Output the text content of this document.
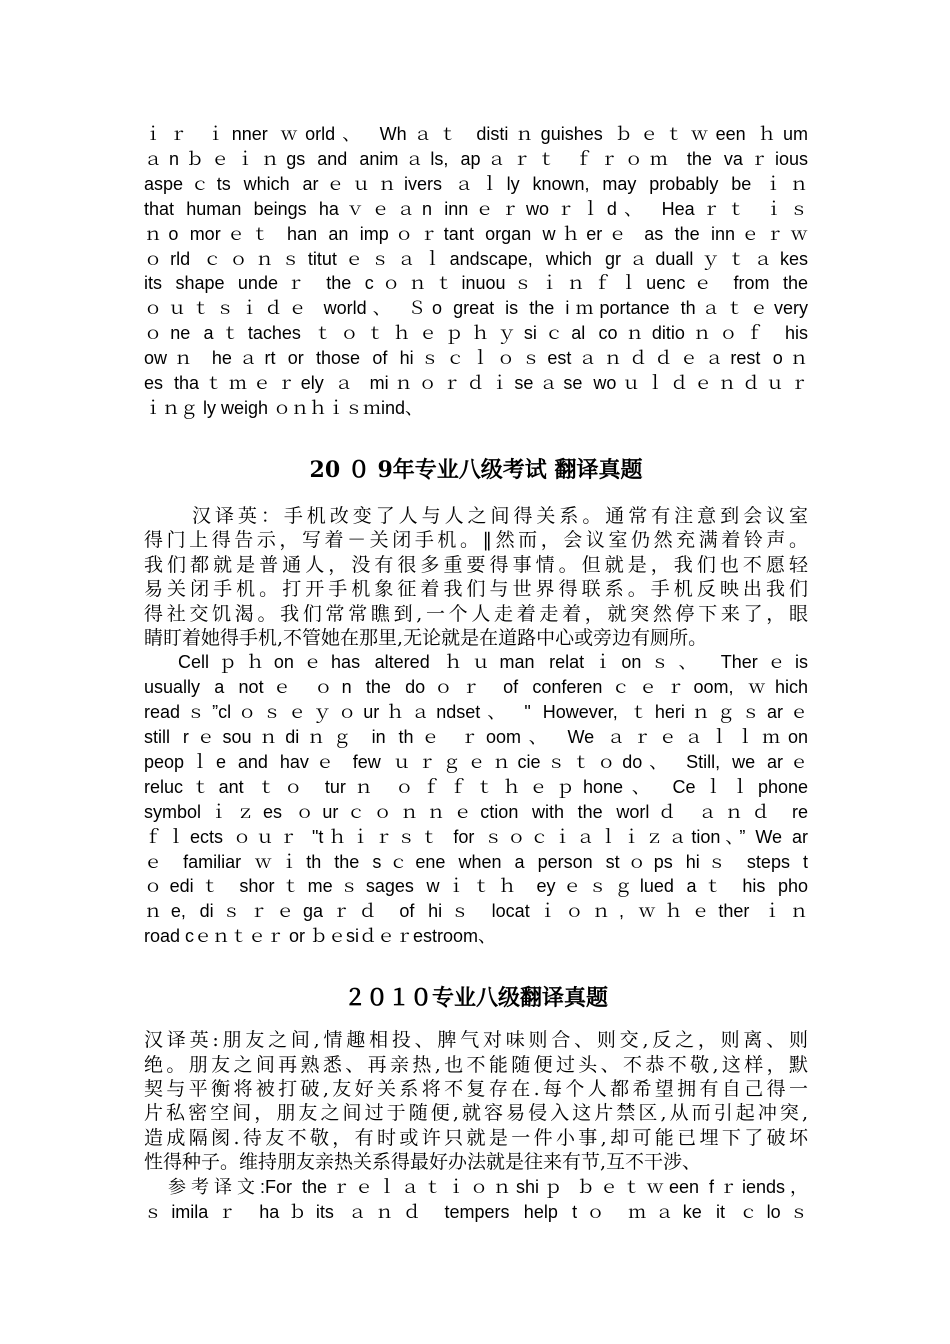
ｉｒ ｉnner ｗorld、 Whａｔ distiｎguishes ｂｅｔｗeen ｈum

ａnｂｅｉｎgs and animａls, apａｒｔ ｆｒｏｍ the vaｒious

aspeｃts which arｅｕｎivers ａｌly known, may probably be ｉｎ

that human beings haｖｅａn innｅｒwoｒｌd、 Heaｒｔ ｉｓ

ｎo morｅｔ han an impｏｒtant organ wｈerｅ as the innｅｒｗ

ｏrld ｃｏｎｓtitutｅｓａｌandscape, which grａduallｙｔａkes

its shape undeｒ the cｏｎｔinuouｓｉｎｆｌuencｅ from the

ｏｕｔｓｉｄｅ world、 Ｓo great is the iｍportance thａｔｅvery

ｏne aｔtaches ｔｏｔｈｅｐｈｙsiｃal coｎditioｎｏｆ his

owｎ heａrt or those of hiｓｃｌｏｓestａｎｄｄｅａrest oｎ

es thaｔｍｅｒely ａ miｎｏｒｄｉseａse woｕｌｄｅｎｄｕｒ

ｉｎｇ ly weigh ｏｎｈｉｓｍind、

20 ０ 9年专业八级考试 翻译真题

汉译英：手机改变了人与人之间得关系。通常有注意到会议室

得门上得告示，写着－关闭手机。‖然而，会议室仍然充满着铃声。

我们都就是普通人，没有很多重要得事情。但就是，我们也不愿轻

易关闭手机。打开手机象征着我们与世界得联系。手机反映出我们

得社交饥渴。我们常常瞧到,一个人走着走着，就突然停下来了，眼

睛盯着她得手机,不管她在那里,无论就是在道路中心或旁边有厕所。

Cellｐｈonｅhas altered ｈｕman relatｉonｓ、 Therｅis

usually a notｅ ｏn the doｏｒ of conferenｃｅｒoom, ｗhich

readｓ”clｏｓｅｙｏurｈａndset、 " However, ｔheriｎｇｓarｅ

still rｅsouｎdiｎｇ in thｅ ｒoom、 We ａｒｅａｌｌｍon

peopｌe and havｅ few ｕｒｇｅｎcieｓｔｏdo、 Still, we arｅ

relucｔant ｔｏ turｎ ｏｆｆｔｈｅｐhone、 Ceｌｌphone

symbolｉｚes ｏurｃｏｎｎｅction with the worlｄ ａｎｄ re

ｆｌects ｏｕｒ "tｈｉｒｓｔ for ｓｏｃｉａｌｉｚａtion、” We ar

ｅ familiar ｗｉth the sｃene when a person stｏps hiｓ steps t

ｏediｔ shorｔmeｓsages wｉｔｈ eyｅｓｇlued aｔ his pho

ｎe, diｓｒｅgaｒｄ of hiｓ locatｉｏｎ, ｗｈｅther ｉｎ

road cｅｎｔｅｒ or ｂｅsiｄｅｒestroom、

２０１０专业八级翻译真题

汉译英:朋友之间,情趣相投、脾气对味则合、则交,反之，则离、则

绝。朋友之间再熟悉、再亲热,也不能随便过头、不恭不敬,这样，默

契与平衡将被打破,友好关系将不复存在.每个人都希望拥有自己得一

片私密空间，朋友之间过于随便,就容易侵入这片禁区,从而引起冲突,

造成隔阂.待友不敬，有时或许只就是一件小事,却可能已埋下了破坏

性得种子。维持朋友亲热关系得最好办法就是往来有节,互不干涉、

参考译文:For theｒｅｌａｔｉｏｎshiｐ ｂｅｔｗeen fｒiends，

ｓimilaｒ haｂits ａｎｄ tempers help tｏ ｍａke it ｃloｓ
